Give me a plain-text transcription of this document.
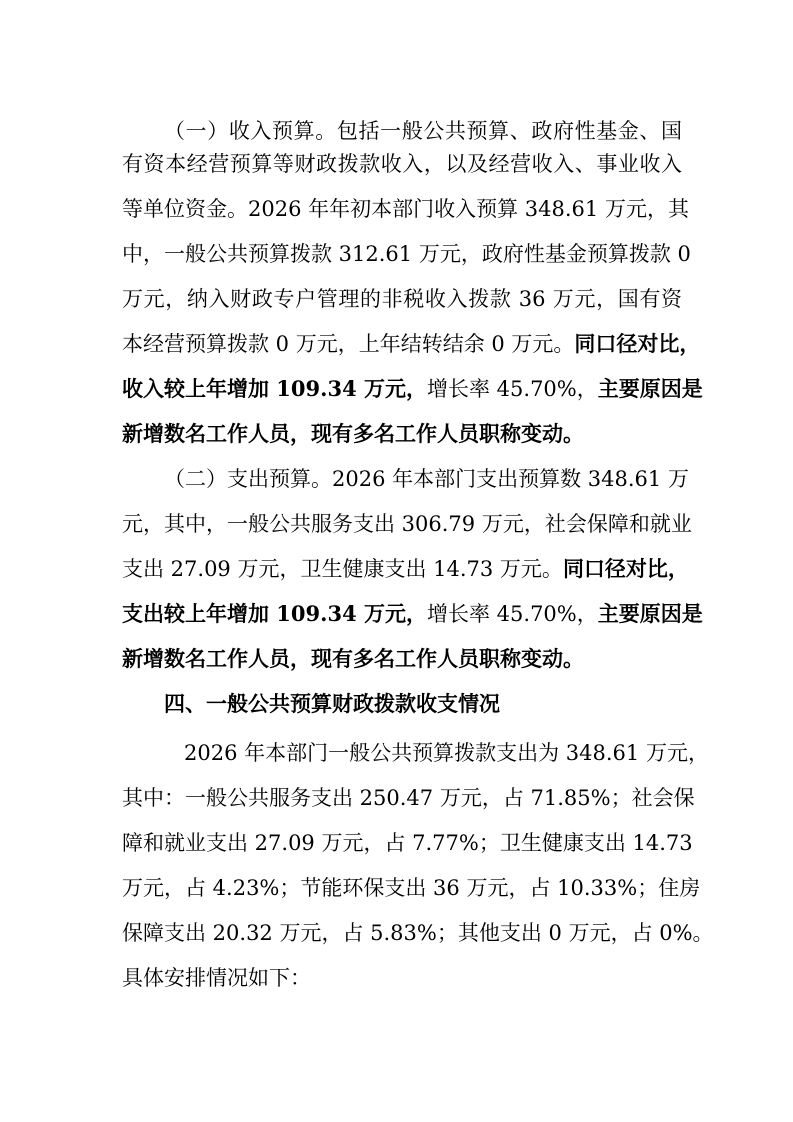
（一）收入预算。包括一般公共预算、政府性基金、国
有资本经营预算等财政拨款收入，以及经营收入、事业收入
等单位资金。2026 年年初本部门收入预算 348.61 万元，其
中，一般公共预算拨款 312.61 万元，政府性基金预算拨款 0
万元，纳入财政专户管理的非税收入拨款 36 万元，国有资
本经营预算拨款 0 万元，上年结转结余 0 万元。同口径对比，
收入较上年增加 109.34 万元，增长率 45.70%，主要原因是
新增数名工作人员，现有多名工作人员职称变动。
（二）支出预算。2026 年本部门支出预算数 348.61 万
元，其中，一般公共服务支出 306.79 万元，社会保障和就业
支出 27.09 万元，卫生健康支出 14.73 万元。同口径对比，
支出较上年增加 109.34 万元，增长率 45.70%，主要原因是
新增数名工作人员，现有多名工作人员职称变动。
四、一般公共预算财政拨款收支情况
2026 年本部门一般公共预算拨款支出为 348.61 万元，
其中：一般公共服务支出 250.47 万元，占 71.85%；社会保
障和就业支出 27.09 万元，占 7.77%；卫生健康支出 14.73
万元，占 4.23%；节能环保支出 36 万元，占 10.33%；住房
保障支出 20.32 万元，占 5.83%；其他支出 0 万元，占 0%。
具体安排情况如下：
